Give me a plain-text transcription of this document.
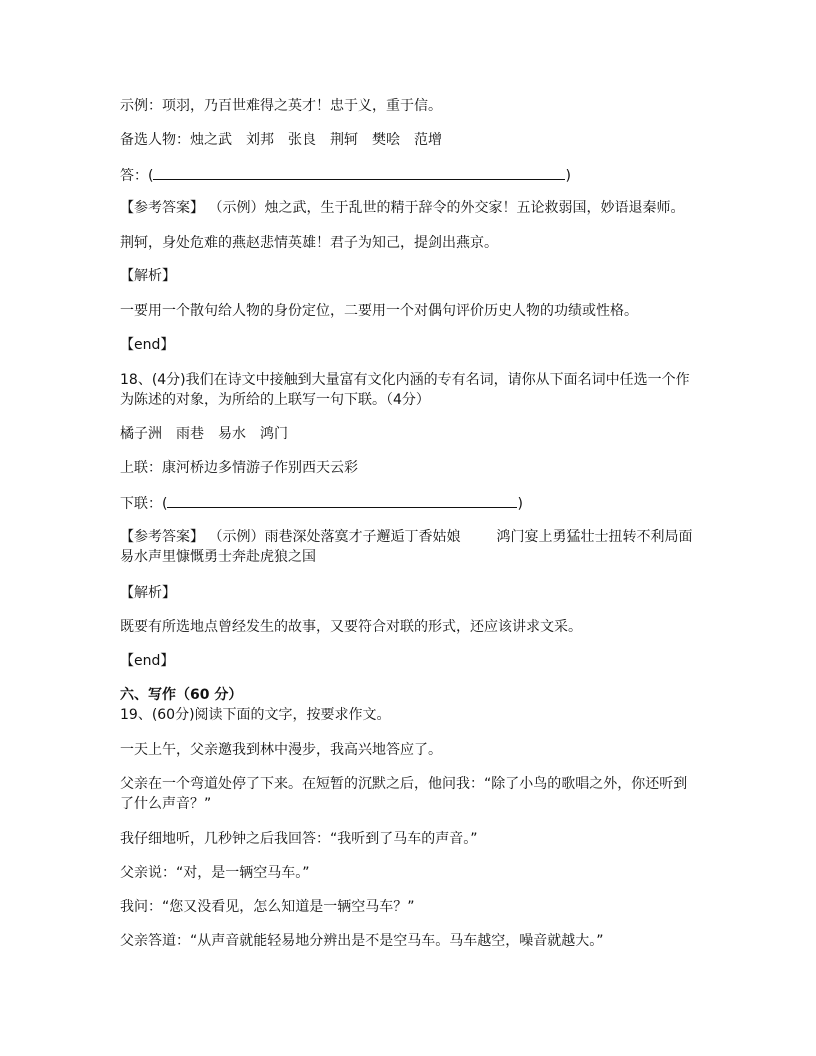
示例：项羽，乃百世难得之英才！忠于义，重于信。
备选人物：烛之武　刘邦　张良　荆轲　樊哙　范增
答：(	)
【参考答案】 （示例）烛之武，生于乱世的精于辞令的外交家！五论救弱国，妙语退秦师。
荆轲，身处危难的燕赵悲情英雄！君子为知己，提剑出燕京。
【解析】
一要用一个散句给人物的身份定位，二要用一个对偶句评价历史人物的功绩或性格。
【end】
18、(4分)我们在诗文中接触到大量富有文化内涵的专有名词，请你从下面名词中任选一个作
为陈述的对象，为所给的上联写一句下联。（4分）
橘子洲　雨巷　易水　鸿门
上联：康河桥边多情游子作别西天云彩
下联：(	)
【参考答案】 （示例）雨巷深处落寞才子邂逅丁香姑娘	鸿门宴上勇猛壮士扭转不利局面
易水声里慷慨勇士奔赴虎狼之国
【解析】
既要有所选地点曾经发生的故事，又要符合对联的形式，还应该讲求文采。
【end】
六、写作（60 分）
19、(60分)阅读下面的文字，按要求作文。
一天上午，父亲邀我到林中漫步，我高兴地答应了。
父亲在一个弯道处停了下来。在短暂的沉默之后，他问我：“除了小鸟的歌唱之外，你还听到
了什么声音？”
我仔细地听，几秒钟之后我回答：“我听到了马车的声音。”
父亲说：“对，是一辆空马车。”
我问：“您又没看见，怎么知道是一辆空马车？”
父亲答道：“从声音就能轻易地分辨出是不是空马车。马车越空，噪音就越大。”
